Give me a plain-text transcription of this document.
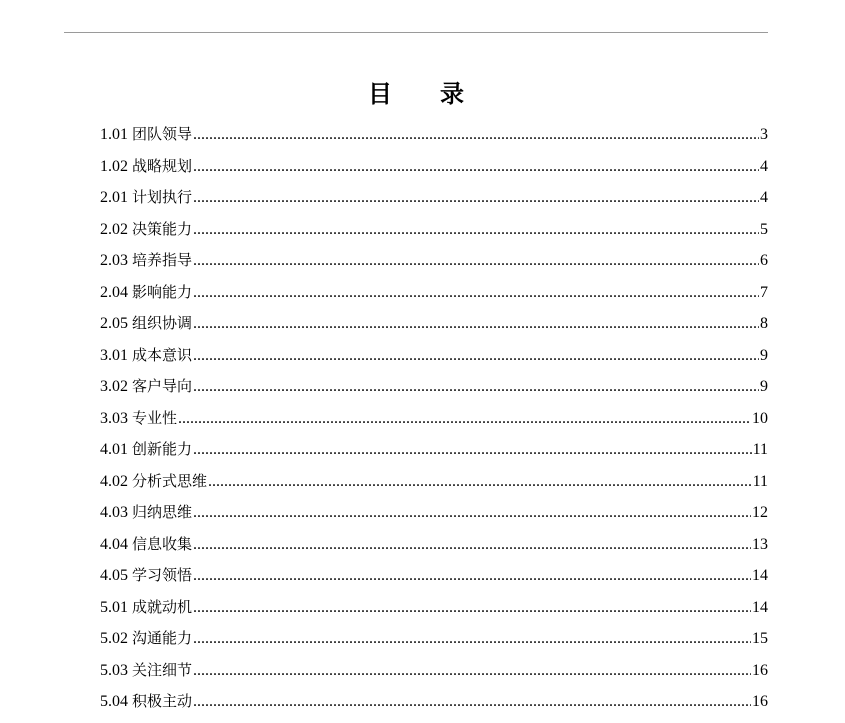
目 录
1.01 团队领导 .....	3
1.02 战略规划 .....	4
2.01 计划执行 .....	4
2.02 决策能力 .....	5
2.03 培养指导 .....	6
2.04 影响能力 .....	7
2.05 组织协调 .....	8
3.01 成本意识 .....	9
3.02 客户导向 .....	9
3.03 专业性 .....	10
4.01 创新能力 .....	11
4.02 分析式思维 .....	11
4.03 归纳思维 .....	12
4.04 信息收集 .....	13
4.05 学习领悟 .....	14
5.01 成就动机 .....	14
5.02 沟通能力 .....	15
5.03 关注细节 .....	16
5.04 积极主动 .....	16
